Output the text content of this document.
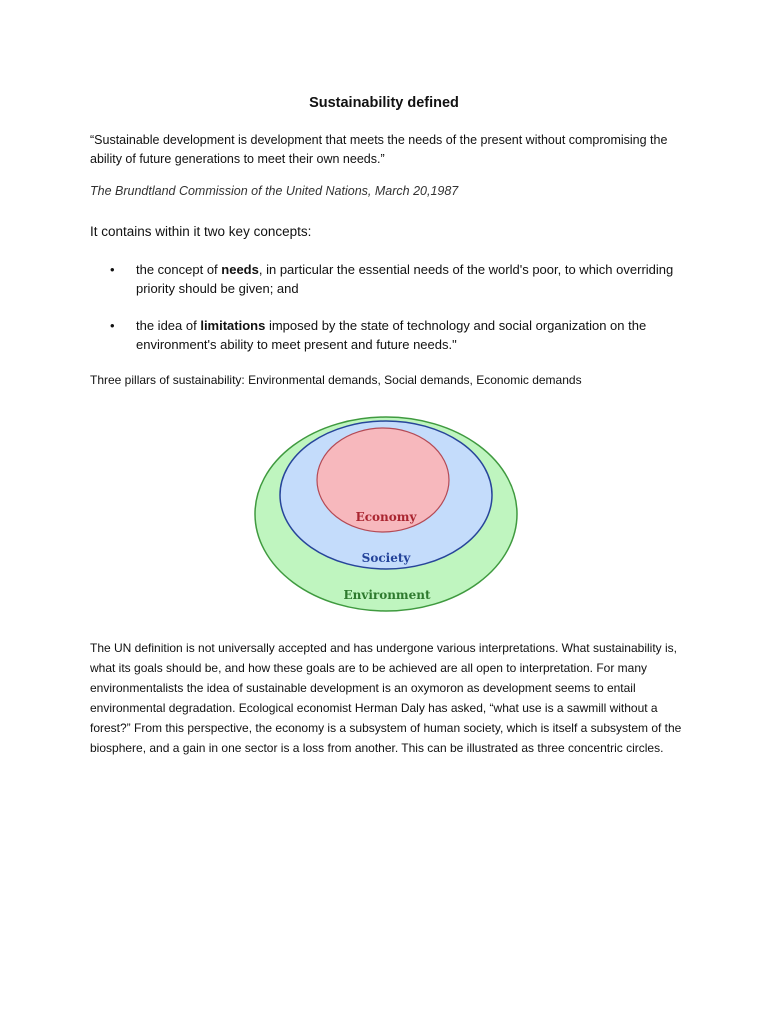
Sustainability defined
“Sustainable development is development that meets the needs of the present without compromising the ability of future generations to meet their own needs.”
The Brundtland Commission of the United Nations, March 20,1987
It contains within it two key concepts:
• the concept of needs, in particular the essential needs of the world's poor, to which overriding priority should be given; and
• the idea of limitations imposed by the state of technology and social organization on the environment's ability to meet present and future needs."
Three pillars of sustainability: Environmental demands, Social demands, Economic demands
Economy
Society
Environment
The UN definition is not universally accepted and has undergone various interpretations. What sustainability is, what its goals should be, and how these goals are to be achieved are all open to interpretation. For many environmentalists the idea of sustainable development is an oxymoron as development seems to entail environmental degradation. Ecological economist Herman Daly has asked, “what use is a sawmill without a forest?” From this perspective, the economy is a subsystem of human society, which is itself a subsystem of the biosphere, and a gain in one sector is a loss from another. This can be illustrated as three concentric circles.
